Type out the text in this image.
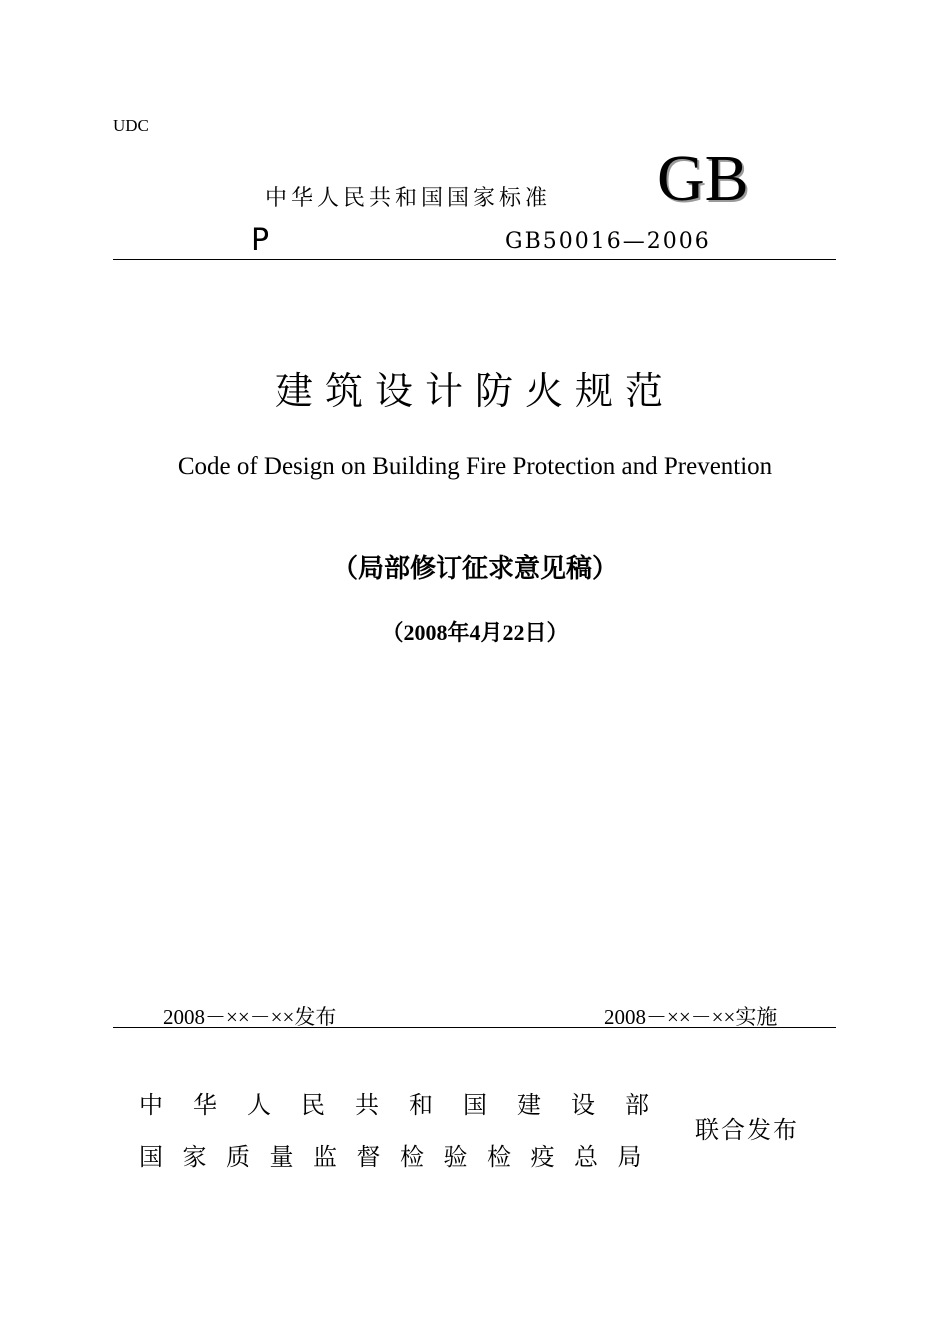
UDC
中华人民共和国国家标准 GB
P	GB50016—2006
建筑设计防火规范
Code of Design on Building Fire Protection and Prevention
（局部修订征求意见稿）
（2008年4月22日）
2008－××－××发布	2008－××－××实施
中华人民共和国建设部
国家质量监督检验检疫总局
联合发布
